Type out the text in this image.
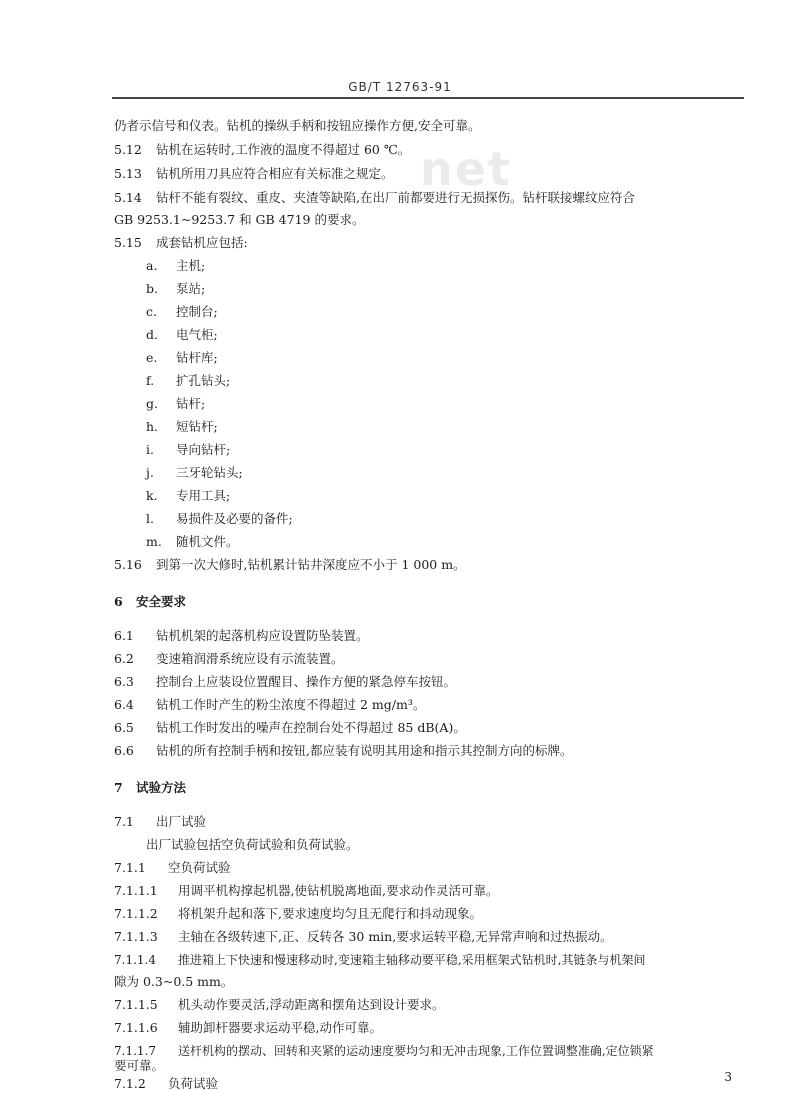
GB/T 12763-91
net
仍者示信号和仪表。钻机的操纵手柄和按钮应操作方便,安全可靠。
5.12 钻机在运转时,工作液的温度不得超过 60 ℃。
5.13 钻机所用刀具应符合相应有关标准之规定。
5.14 钻杆不能有裂纹、重皮、夹渣等缺陷,在出厂前都要进行无损探伤。钻杆联接螺纹应符合
GB 9253.1~9253.7 和 GB 4719 的要求。
5.15 成套钻机应包括:
a. 主机;
b. 泵站;
c. 控制台;
d. 电气柜;
e. 钻杆库;
f. 扩孔钻头;
g. 钻杆;
h. 短钻杆;
i. 导向钻杆;
j. 三牙轮钻头;
k. 专用工具;
l. 易损件及必要的备件;
m. 随机文件。
5.16 到第一次大修时,钻机累计钻井深度应不小于 1 000 m。
6 安全要求
6.1 钻机机架的起落机构应设置防坠装置。
6.2 变速箱润滑系统应设有示流装置。
6.3 控制台上应装设位置醒目、操作方便的紧急停车按钮。
6.4 钻机工作时产生的粉尘浓度不得超过 2 mg/m³。
6.5 钻机工作时发出的噪声在控制台处不得超过 85 dB(A)。
6.6 钻机的所有控制手柄和按钮,都应装有说明其用途和指示其控制方向的标牌。
7 试验方法
7.1 出厂试验
出厂试验包括空负荷试验和负荷试验。
7.1.1 空负荷试验
7.1.1.1 用调平机构撑起机器,使钻机脱离地面,要求动作灵活可靠。
7.1.1.2 将机架升起和落下,要求速度均匀且无爬行和抖动现象。
7.1.1.3 主轴在各级转速下,正、反转各 30 min,要求运转平稳,无异常声响和过热振动。
7.1.1.4 推进箱上下快速和慢速移动时,变速箱主轴移动要平稳,采用框架式钻机时,其链条与机架间
隙为 0.3~0.5 mm。
7.1.1.5 机头动作要灵活,浮动距离和摆角达到设计要求。
7.1.1.6 辅助卸杆器要求运动平稳,动作可靠。
7.1.1.7 送杆机构的摆动、回转和夹紧的运动速度要均匀和无冲击现象,工作位置调整准确,定位锁紧
要可靠。
7.1.2 负荷试验	3
